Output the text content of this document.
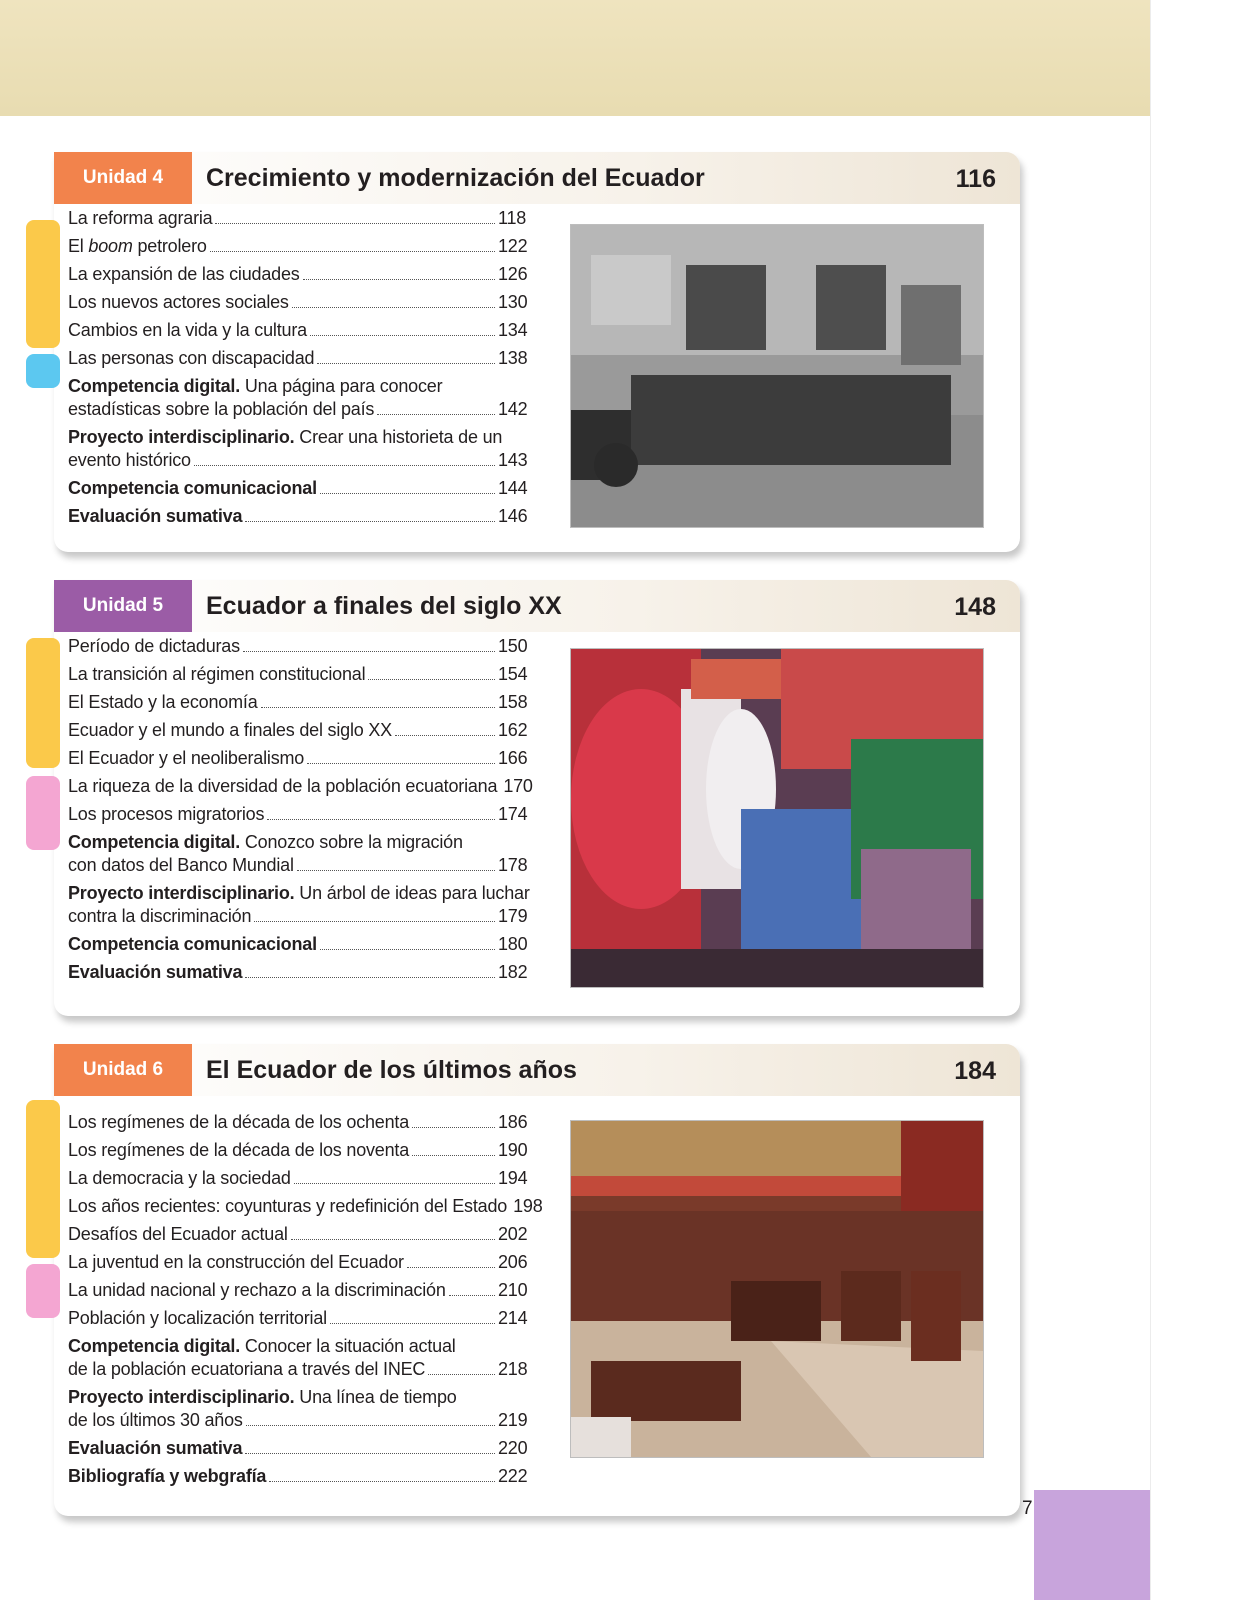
Unidad 4 Crecimiento y modernización del Ecuador	116
La reforma agraria	118
El boom petrolero	122
La expansión de las ciudades	126
Los nuevos actores sociales	130
Cambios en la vida y la cultura	134
Las personas con discapacidad	138
Competencia digital. Una página para conocer
estadísticas sobre la población del país	142
Proyecto interdisciplinario. Crear una historieta de un
evento histórico	143
Competencia comunicacional	144
Evaluación sumativa	146
Unidad 5 Ecuador a finales del siglo XX	148
Período de dictaduras	150
La transición al régimen constitucional	154
El Estado y la economía	158
Ecuador y el mundo a finales del siglo XX	162
El Ecuador y el neoliberalismo	166
La riqueza de la diversidad de la población ecuatoriana 170
Los procesos migratorios	174
Competencia digital. Conozco sobre la migración
con datos del Banco Mundial	178
Proyecto interdisciplinario. Un árbol de ideas para luchar
contra la discriminación	179
Competencia comunicacional	180
Evaluación sumativa	182
Unidad 6 El Ecuador de los últimos años	184
Los regímenes de la década de los ochenta	186
Los regímenes de la década de los noventa	190
La democracia y la sociedad	194
Los años recientes: coyunturas y redefinición del Estado 198
Desafíos del Ecuador actual	202
La juventud en la construcción del Ecuador	206
La unidad nacional y rechazo a la discriminación	210
Población y localización territorial	214
Competencia digital. Conocer la situación actual
de la población ecuatoriana a través del INEC	218
Proyecto interdisciplinario. Una línea de tiempo
de los últimos 30 años	219
Evaluación sumativa	220
Bibliografía y webgrafía	222
7
